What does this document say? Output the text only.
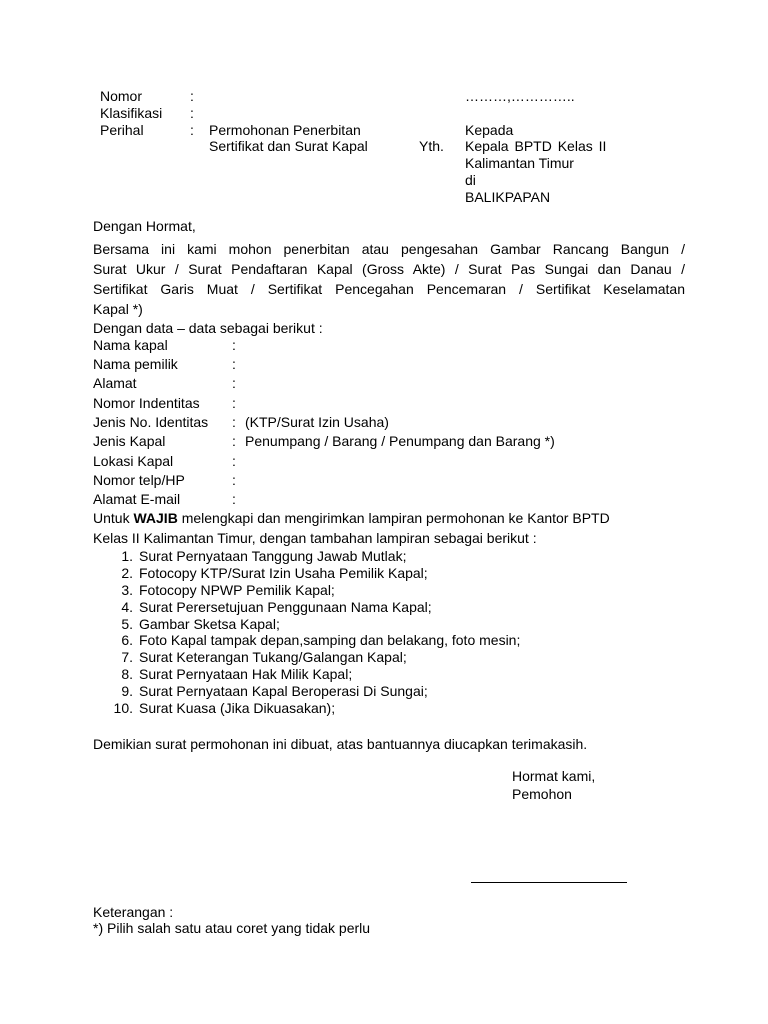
Nomor	:	………,…………..
Klasifikasi :
Perihal	: Permohonan Penerbitan	Kepada
Sertifikat dan Surat Kapal	Yth. Kepala BPTD Kelas II
Kalimantan Timur
di
BALIKPAPAN
Dengan Hormat,
Bersama ini kami mohon penerbitan atau pengesahan Gambar Rancang Bangun /
Surat Ukur / Surat Pendaftaran Kapal (Gross Akte) / Surat Pas Sungai dan Danau /
Sertifikat Garis Muat / Sertifikat Pencegahan Pencemaran / Sertifikat Keselamatan
Kapal *)
Dengan data – data sebagai berikut :
Nama kapal	:
Nama pemilik	:
Alamat	:
Nomor Indentitas :
Jenis No. Identitas : (KTP/Surat Izin Usaha)
Jenis Kapal	: Penumpang / Barang / Penumpang dan Barang *)
Lokasi Kapal	:
Nomor telp/HP	:
Alamat E-mail	:
Untuk WAJIB melengkapi dan mengirimkan lampiran permohonan ke Kantor BPTD
Kelas II Kalimantan Timur, dengan tambahan lampiran sebagai berikut :
1. Surat Pernyataan Tanggung Jawab Mutlak;
2. Fotocopy KTP/Surat Izin Usaha Pemilik Kapal;
3. Fotocopy NPWP Pemilik Kapal;
4. Surat Perersetujuan Penggunaan Nama Kapal;
5. Gambar Sketsa Kapal;
6. Foto Kapal tampak depan,samping dan belakang, foto mesin;
7. Surat Keterangan Tukang/Galangan Kapal;
8. Surat Pernyataan Hak Milik Kapal;
9. Surat Pernyataan Kapal Beroperasi Di Sungai;
10. Surat Kuasa (Jika Dikuasakan);
Demikian surat permohonan ini dibuat, atas bantuannya diucapkan terimakasih.
Hormat kami,
Pemohon
Keterangan :
*) Pilih salah satu atau coret yang tidak perlu
